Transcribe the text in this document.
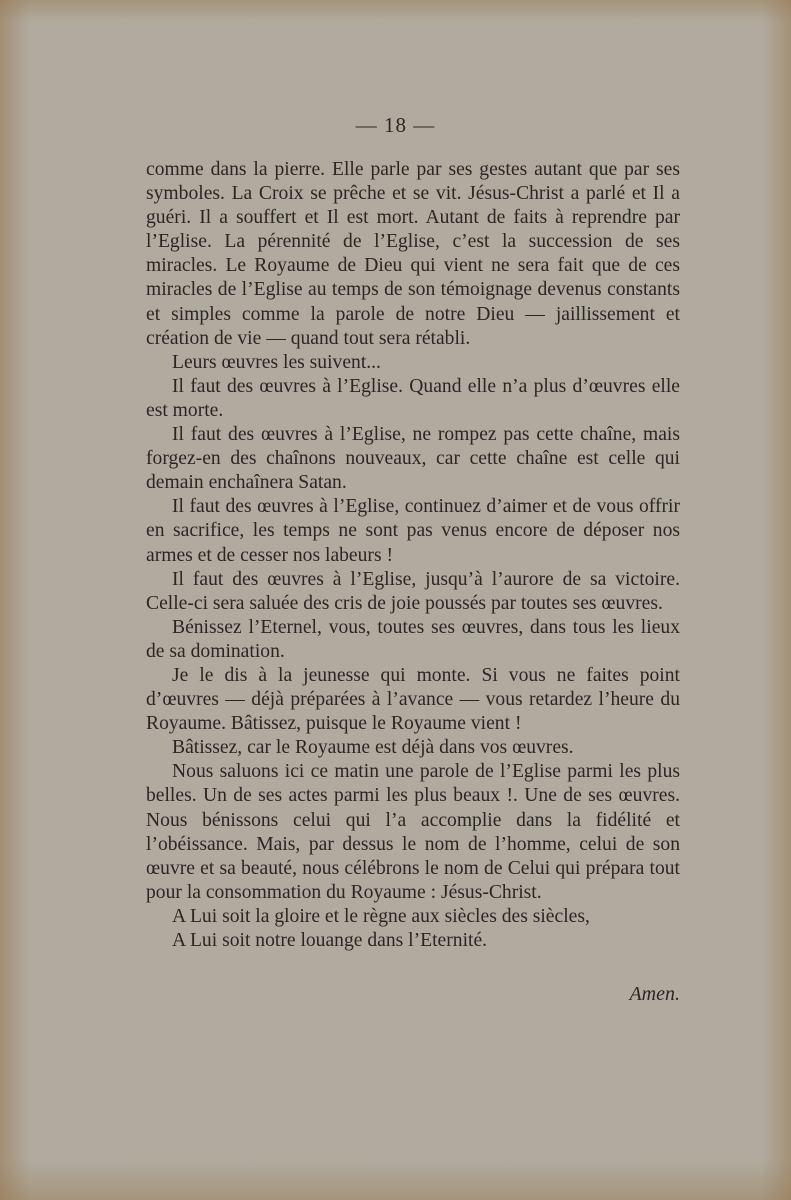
— 18 —

comme dans la pierre. Elle parle par ses gestes autant que par ses symboles. La Croix se prêche et se vit. Jésus-Christ a parlé et Il a guéri. Il a souffert et Il est mort. Autant de faits à reprendre par l’Eglise. La pérennité de l’Eglise, c’est la succession de ses miracles. Le Royaume de Dieu qui vient ne sera fait que de ces miracles de l’Eglise au temps de son témoignage devenus constants et simples comme la parole de notre Dieu — jaillissement et création de vie — quand tout sera rétabli.

Leurs œuvres les suivent...

Il faut des œuvres à l’Eglise. Quand elle n’a plus d’œuvres elle est morte.

Il faut des œuvres à l’Eglise, ne rompez pas cette chaîne, mais forgez-en des chaînons nouveaux, car cette chaîne est celle qui demain enchaînera Satan.

Il faut des œuvres à l’Eglise, continuez d’aimer et de vous offrir en sacrifice, les temps ne sont pas venus encore de déposer nos armes et de cesser nos labeurs !

Il faut des œuvres à l’Eglise, jusqu’à l’aurore de sa victoire. Celle-ci sera saluée des cris de joie poussés par toutes ses œuvres.

Bénissez l’Eternel, vous, toutes ses œuvres, dans tous les lieux de sa domination.

Je le dis à la jeunesse qui monte. Si vous ne faites point d’œuvres — déjà préparées à l’avance — vous retardez l’heure du Royaume. Bâtissez, puisque le Royaume vient !

Bâtissez, car le Royaume est déjà dans vos œuvres.

Nous saluons ici ce matin une parole de l’Eglise parmi les plus belles. Un de ses actes parmi les plus beaux !. Une de ses œuvres. Nous bénissons celui qui l’a accomplie dans la fidélité et l’obéissance. Mais, par dessus le nom de l’homme, celui de son œuvre et sa beauté, nous célébrons le nom de Celui qui prépara tout pour la consommation du Royaume : Jésus-Christ.

A Lui soit la gloire et le règne aux siècles des siècles,

A Lui soit notre louange dans l’Eternité.

Amen.
